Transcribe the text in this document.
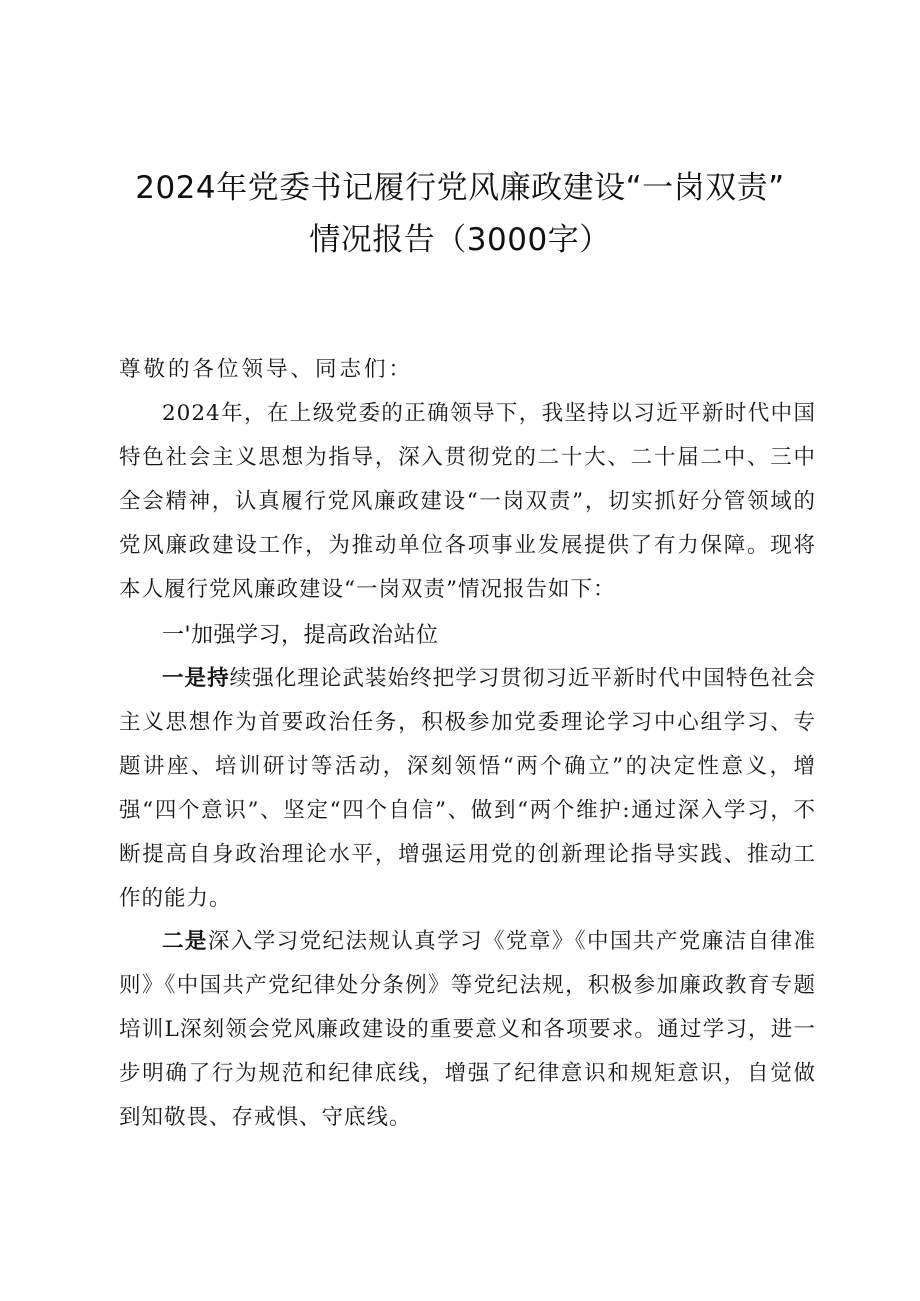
2024年党委书记履行党风廉政建设“一岗双责”
情况报告（3000字）
尊敬的各位领导、同志们：
2024年，在上级党委的正确领导下，我坚持以习近平新时代中国特色社会主义思想为指导，深入贯彻党的二十大、二十届二中、三中全会精神，认真履行党风廉政建设“一岗双责”，切实抓好分管领域的党风廉政建设工作，为推动单位各项事业发展提供了有力保障。现将本人履行党风廉政建设“一岗双责”情况报告如下：
一'加强学习，提高政治站位
一是持续强化理论武装始终把学习贯彻习近平新时代中国特色社会主义思想作为首要政治任务，积极参加党委理论学习中心组学习、专题讲座、培训研讨等活动，深刻领悟“两个确立”的决定性意义，增强“四个意识”、坚定“四个自信”、做到“两个维护:通过深入学习，不断提高自身政治理论水平，增强运用党的创新理论指导实践、推动工作的能力。
二是深入学习党纪法规认真学习《党章》《中国共产党廉洁自律准则》《中国共产党纪律处分条例》等党纪法规，积极参加廉政教育专题培训L深刻领会党风廉政建设的重要意义和各项要求。通过学习，进一步明确了行为规范和纪律底线，增强了纪律意识和规矩意识，自觉做到知敬畏、存戒惧、守底线。
